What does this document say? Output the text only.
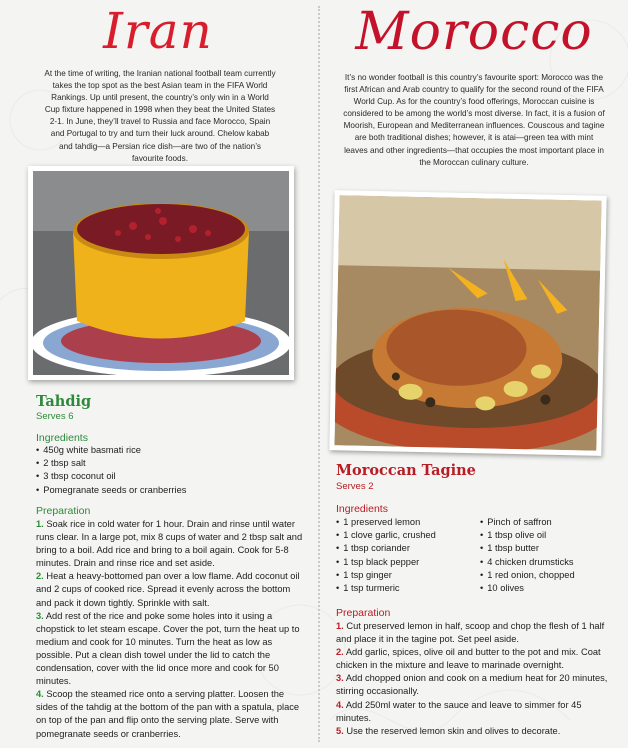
Iran
At the time of writing, the Iranian national football team currently takes the top spot as the best Asian team in the FIFA World Rankings. Up until present, the country’s only win in a World Cup fixture happened in 1998 when they beat the United States 2-1. In June, they’ll travel to Russia and face Morocco, Spain and Portugal to try and turn their luck around. Chelow kabab and tahdig—a Persian rice dish—are two of the nation’s favourite foods.
Tahdig
Serves 6
Ingredients
• 450g white basmati rice
• 2 tbsp salt
• 3 tbsp coconut oil
• Pomegranate seeds or cranberries
Preparation

1. Soak rice in cold water for 1 hour. Drain and rinse until water runs clear. In a large pot, mix 8 cups of water and 2 tbsp salt and bring to a boil. Add rice and bring to a boil again. Cook for 5-8 minutes. Drain and rinse rice and set aside.

2. Heat a heavy-bottomed pan over a low flame. Add coconut oil and 2 cups of cooked rice. Spread it evenly across the bottom and pack it down tightly. Sprinkle with salt.

3. Add rest of the rice and poke some holes into it using a chopstick to let steam escape. Cover the pot, turn the heat up to medium and cook for 10 minutes. Turn the heat as low as possible. Put a clean dish towel under the lid to catch the condensation, cover with the lid once more and cook for 50 minutes.

4. Scoop the steamed rice onto a serving platter. Loosen the sides of the tahdig at the bottom of the pan with a spatula, place on top of the pan and flip onto the serving plate. Serve with pomegranate seeds or cranberries.

Morocco
It’s no wonder football is this country’s favourite sport: Morocco was the first African and Arab country to qualify for the second round of the FIFA World Cup. As for the country’s food offerings, Moroccan cuisine is considered to be among the world’s most diverse. In fact, it is a fusion of Moorish, European and Mediterranean influences. Couscous and tagine are both traditional dishes; however, it is atai—green tea with mint leaves and other ingredients—that occupies the most important place in the Moroccan culinary culture.
Moroccan Tagine
Serves 2
Ingredients
• 1 preserved lemon
• 1 clove garlic, crushed
• 1 tbsp coriander
• 1 tsp black pepper
• 1 tsp ginger
• 1 tsp turmeric
• Pinch of saffron
• 1 tbsp olive oil
• 1 tbsp butter
• 4 chicken drumsticks
• 1 red onion, chopped
• 10 olives
Preparation

1. Cut preserved lemon in half, scoop and chop the flesh of 1 half and place it in the tagine pot. Set peel aside.

2. Add garlic, spices, olive oil and butter to the pot and mix. Coat chicken in the mixture and leave to marinade overnight.

3. Add chopped onion and cook on a medium heat for 20 minutes, stirring occasionally.

4. Add 250ml water to the sauce and leave to simmer for 45 minutes.

5. Use the reserved lemon skin and olives to decorate.
